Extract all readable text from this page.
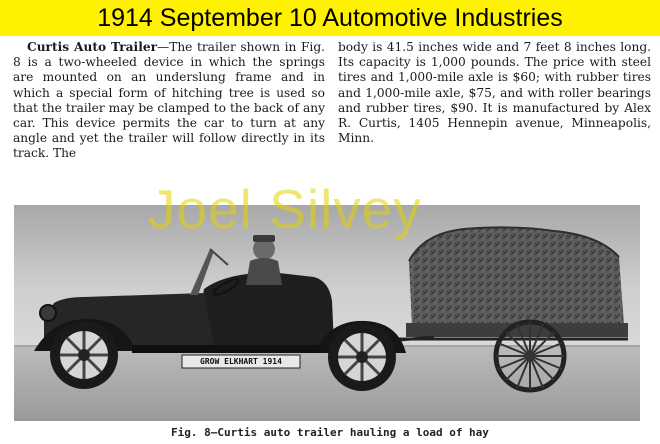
1914 September 10 Automotive Industries
Curtis Auto Trailer—The trailer shown in Fig. 8 is a two-wheeled device in which the springs are mounted on an underslung frame and in which a special form of hitching tree is used so that the trailer may be clamped to the back of any car. This device permits the car to turn at any angle and yet the trailer will follow directly in its track. The
body is 41.5 inches wide and 7 feet 8 inches long. Its capacity is 1,000 pounds. The price with steel tires and 1,000-mile axle is $60; with rubber tires and 1,000-mile axle, $75, and with roller bearings and rubber tires, $90. It is manufactured by Alex R. Curtis, 1405 Hennepin avenue, Minneapolis, Minn.
GROW ELKHART 1914
Joel Silvey
Fig. 8—Curtis auto trailer hauling a load of hay
